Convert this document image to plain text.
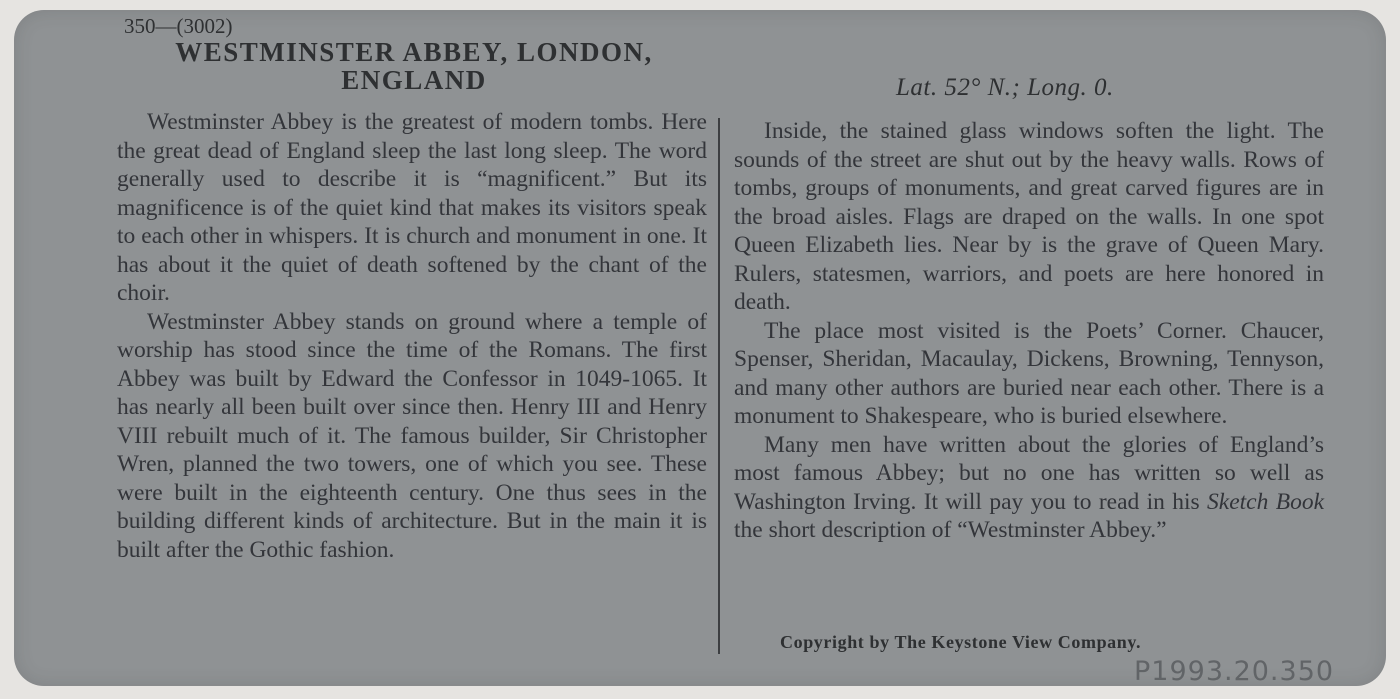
350—(3002)
WESTMINSTER ABBEY, LONDON,
ENGLAND	Lat. 52° N.; Long. 0.

Westminster Abbey is the greatest of modern tombs. Here the great dead of England sleep the last long sleep. The word generally used to describe it is “magnificent.” But its magnificence is of the quiet kind that makes its visitors speak to each other in whispers. It is church and monument in one. It has about it the quiet of death softened by the chant of the choir.

Westminster Abbey stands on ground where a temple of worship has stood since the time of the Romans. The first Abbey was built by Edward the Confessor in 1049-1065. It has nearly all been built over since then. Henry III and Henry VIII rebuilt much of it. The famous builder, Sir Christopher Wren, planned the two towers, one of which you see. These were built in the eighteenth century. One thus sees in the building different kinds of architecture. But in the main it is built after the Gothic fashion.

Inside, the stained glass windows soften the light. The sounds of the street are shut out by the heavy walls. Rows of tombs, groups of monuments, and great carved figures are in the broad aisles. Flags are draped on the walls. In one spot Queen Elizabeth lies. Near by is the grave of Queen Mary. Rulers, statesmen, warriors, and poets are here honored in death.

The place most visited is the Poets’ Corner. Chaucer, Spenser, Sheridan, Macaulay, Dickens, Browning, Tennyson, and many other authors are buried near each other. There is a monument to Shakespeare, who is buried elsewhere.

Many men have written about the glories of England’s most famous Abbey; but no one has written so well as Washington Irving. It will pay you to read in his Sketch Book the short description of “Westminster Abbey.”

Copyright by The Keystone View Company.
P1993.20.350
